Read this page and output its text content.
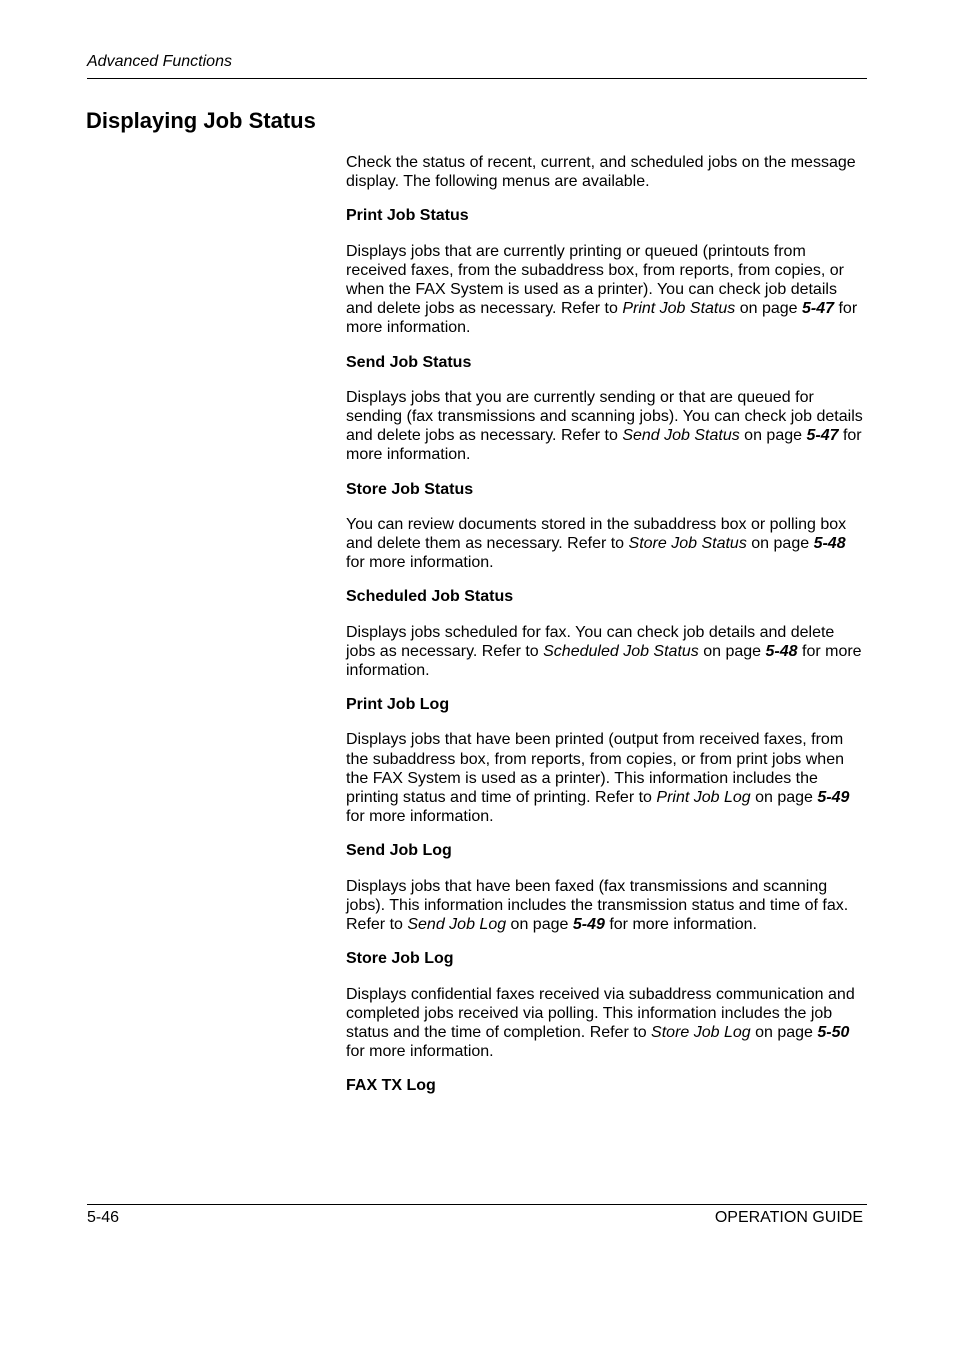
Advanced Functions
Displaying Job Status

Check the status of recent, current, and scheduled jobs on the message display. The following menus are available.

Print Job Status

Displays jobs that are currently printing or queued (printouts from received faxes, from the subaddress box, from reports, from copies, or when the FAX System is used as a printer). You can check job details and delete jobs as necessary. Refer to Print Job Status on page 5-47 for more information.

Send Job Status

Displays jobs that you are currently sending or that are queued for sending (fax transmissions and scanning jobs). You can check job details and delete jobs as necessary. Refer to Send Job Status on page 5-47 for more information.

Store Job Status

You can review documents stored in the subaddress box or polling box and delete them as necessary. Refer to Store Job Status on page 5-48 for more information.

Scheduled Job Status

Displays jobs scheduled for fax. You can check job details and delete jobs as necessary. Refer to Scheduled Job Status on page 5-48 for more information.

Print Job Log

Displays jobs that have been printed (output from received faxes, from the subaddress box, from reports, from copies, or from print jobs when the FAX System is used as a printer). This information includes the printing status and time of printing. Refer to Print Job Log on page 5-49 for more information.

Send Job Log

Displays jobs that have been faxed (fax transmissions and scanning jobs). This information includes the transmission status and time of fax. Refer to Send Job Log on page 5-49 for more information.

Store Job Log

Displays confidential faxes received via subaddress communication and completed jobs received via polling. This information includes the job status and the time of completion. Refer to Store Job Log on page 5-50 for more information.

FAX TX Log

5-46	OPERATION GUIDE
